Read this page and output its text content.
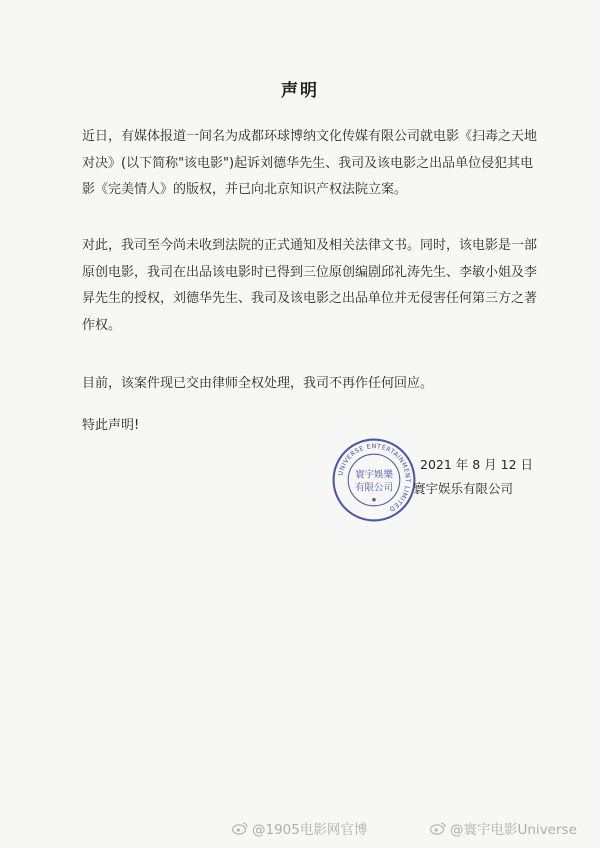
声明
近日，有媒体报道一间名为成都环球博纳文化传媒有限公司就电影《扫毒之天地
对决》(以下简称"该电影")起诉刘德华先生、我司及该电影之出品单位侵犯其电
影《完美情人》的版权，并已向北京知识产权法院立案。
对此，我司至今尚未收到法院的正式通知及相关法律文书。同时，该电影是一部
原创电影，我司在出品该电影时已得到三位原创编剧邱礼涛先生、李敏小姐及李
昇先生的授权，刘德华先生、我司及该电影之出品单位并无侵害任何第三方之著
作权。
目前，该案件现已交由律师全权处理，我司不再作任何回应。
特此声明!
UNIVERSE ENTERTAINMENT LIMITED
寰宇娛樂
有限公司
2021 年 8 月 12 日
寰宇娱乐有限公司
@1905电影网官博	@寰宇电影Universe
